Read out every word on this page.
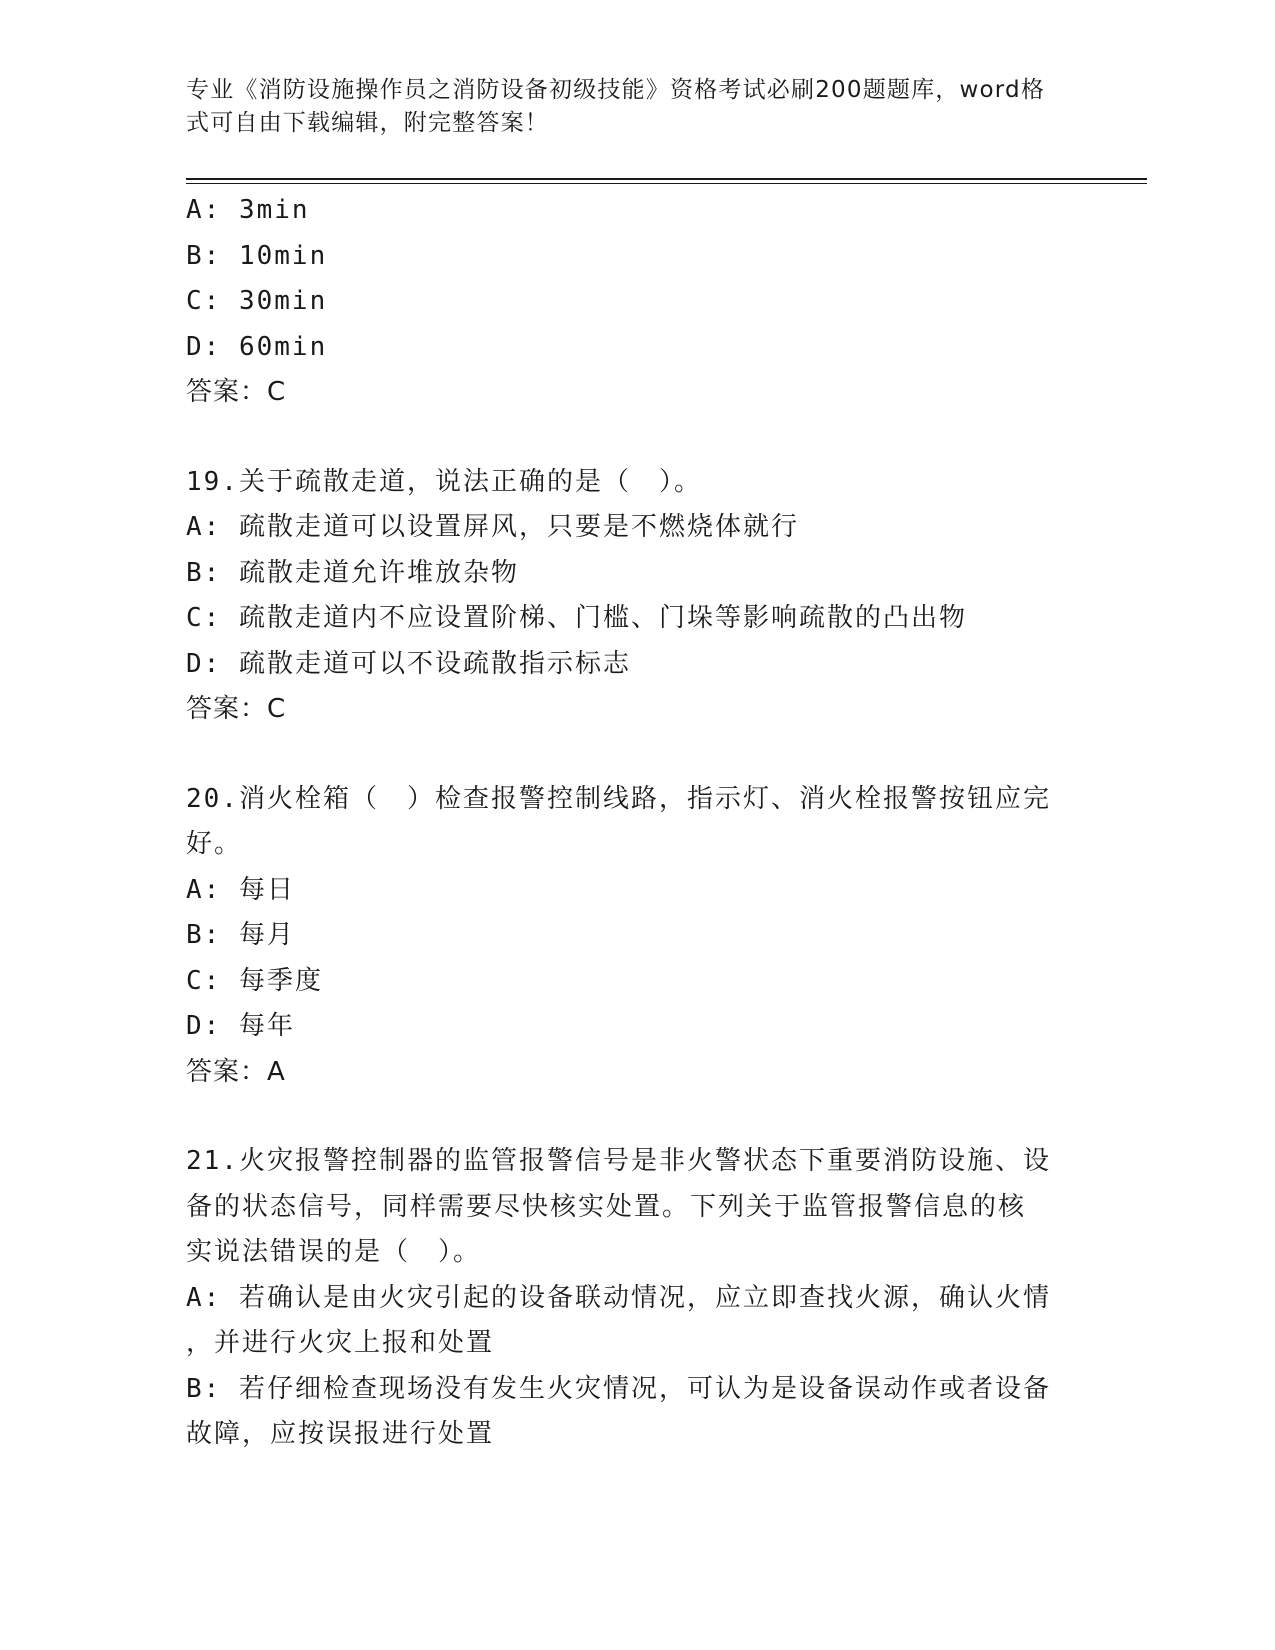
专业《消防设施操作员之消防设备初级技能》资格考试必刷200题题库，word格
式可自由下载编辑，附完整答案！
A: 3min
B: 10min
C: 30min
D: 60min
答案：C
19.关于疏散走道，说法正确的是（　）。
A: 疏散走道可以设置屏风，只要是不燃烧体就行
B: 疏散走道允许堆放杂物
C: 疏散走道内不应设置阶梯、门槛、门垛等影响疏散的凸出物
D: 疏散走道可以不设疏散指示标志
答案：C
20.消火栓箱（　）检查报警控制线路，指示灯、消火栓报警按钮应完
好。
A: 每日
B: 每月
C: 每季度
D: 每年
答案：A
21.火灾报警控制器的监管报警信号是非火警状态下重要消防设施、设
备的状态信号，同样需要尽快核实处置。下列关于监管报警信息的核
实说法错误的是（　）。
A: 若确认是由火灾引起的设备联动情况，应立即查找火源，确认火情
，并进行火灾上报和处置
B: 若仔细检查现场没有发生火灾情况，可认为是设备误动作或者设备
故障，应按误报进行处置
